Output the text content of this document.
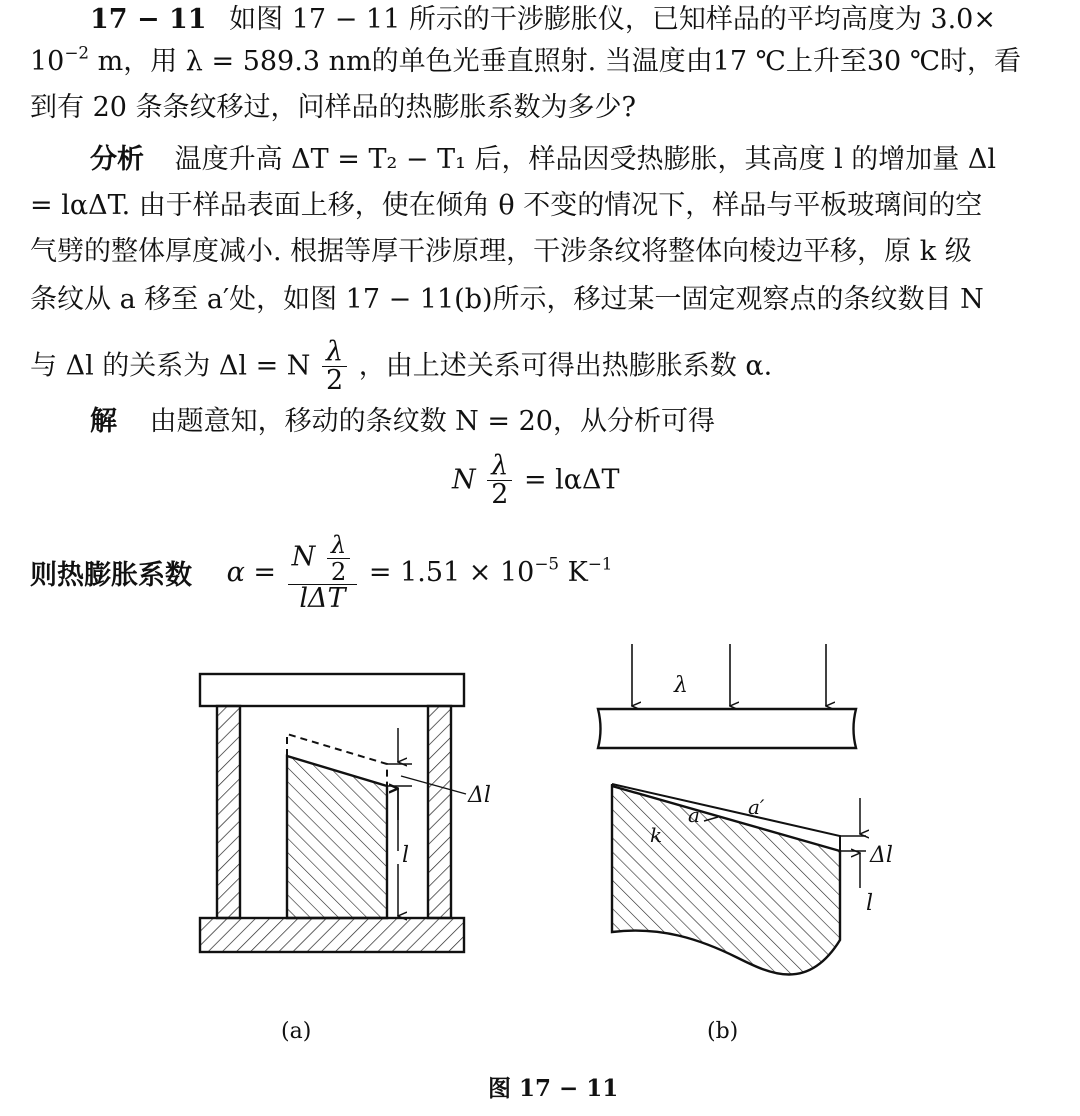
17 − 11 如图 17 − 11 所示的干涉膨胀仪，已知样品的平均高度为 3.0×
$10^{-2}$ m，用 λ = 589.3 nm的单色光垂直照射. 当温度由17 ℃上升至30 ℃时，看
到有 20 条条纹移过，问样品的热膨胀系数为多少?
分析 温度升高 ΔT = T₂ − T₁ 后，样品因受热膨胀，其高度 l 的增加量 Δl
= lαΔT. 由于样品表面上移，使在倾角 θ 不变的情况下，样品与平板玻璃间的空
气劈的整体厚度减小. 根据等厚干涉原理，干涉条纹将整体向棱边平移，原 k 级
条纹从 a 移至 a′处，如图 17 − 11(b)所示，移过某一固定观察点的条纹数目 N
与 Δl 的关系为 Δl = N $\frac{\lambda}{2}$ ，由上述关系可得出热膨胀系数 α.
解 由题意知，移动的条纹数 N = 20，从分析可得
N $\frac{\lambda}{2} = l\alpha\Delta T$
则热膨胀系数 $\alpha = \frac{N \frac{\lambda}{2}}{\text{lΔT}} = 1.51 \times 10^{-5}$ $K^{-1}$
Δl
l
λ
a a′
k
Δl
l
(a)	(b)
图 17 − 11
